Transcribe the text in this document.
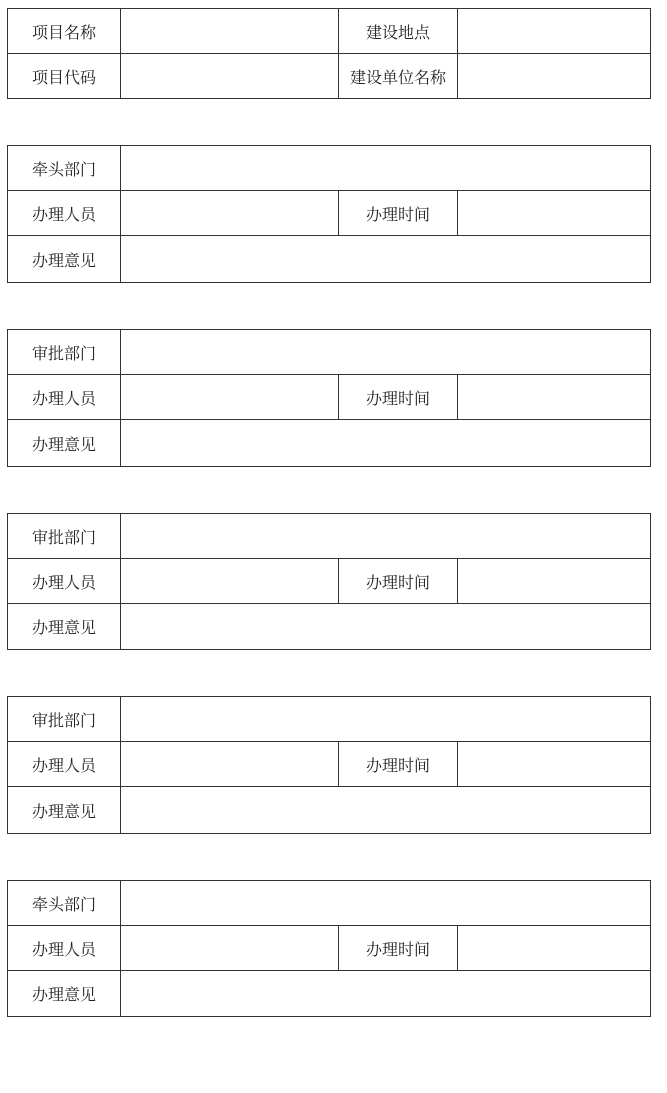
项目名称		建设地点	
项目代码		建设单位名称	
牵头部门			
办理人员		办理时间	
办理意见			
审批部门			
办理人员		办理时间	
办理意见			
审批部门			
办理人员		办理时间	
办理意见			
审批部门			
办理人员		办理时间	
办理意见			
牵头部门			
办理人员		办理时间	
办理意见			
